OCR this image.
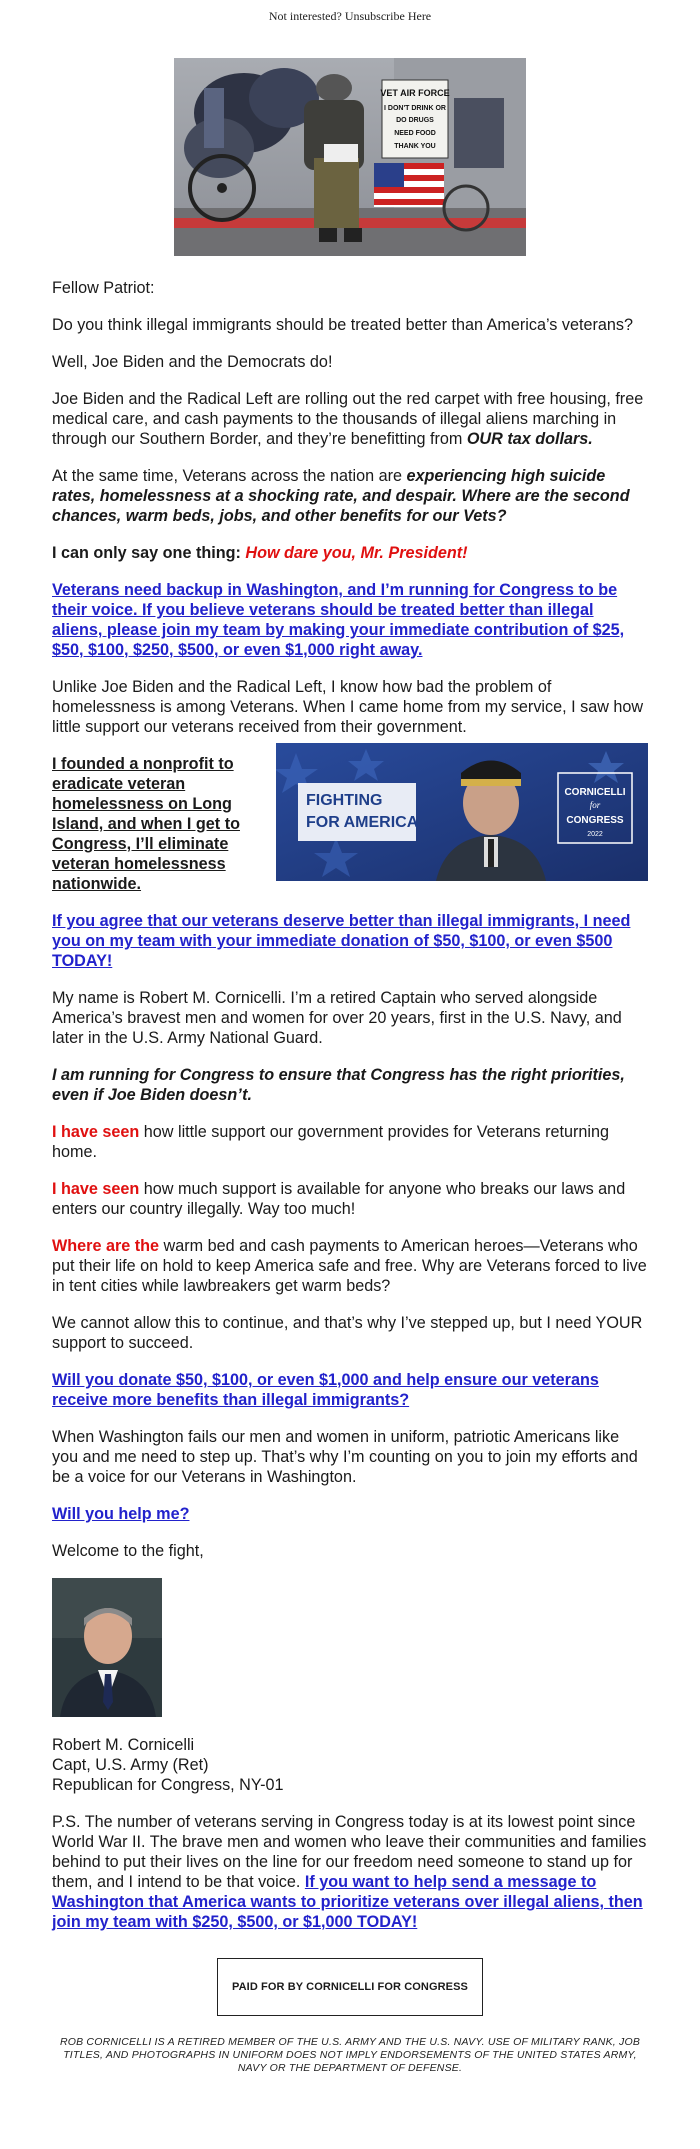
Not interested? Unsubscribe Here
VET AIR FORCE
I DON'T DRINK OR
DO DRUGS
NEED FOOD
THANK YOU

Fellow Patriot:

Do you think illegal immigrants should be treated better than America’s veterans?

Well, Joe Biden and the Democrats do!

Joe Biden and the Radical Left are rolling out the red carpet with free housing, free medical care, and cash payments to the thousands of illegal aliens marching in through our Southern Border, and they’re benefitting from OUR tax dollars.

At the same time, Veterans across the nation are experiencing high suicide rates, homelessness at a shocking rate, and despair. Where are the second chances, warm beds, jobs, and other benefits for our Vets?

I can only say one thing: How dare you, Mr. President!

Veterans need backup in Washington, and I’m running for Congress to be their voice. If you believe veterans should be treated better than illegal aliens, please join my team by making your immediate contribution of $25, $50, $100, $250, $500, or even $1,000 right away.

Unlike Joe Biden and the Radical Left, I know how bad the problem of homelessness is among Veterans. When I came home from my service, I saw how little support our veterans received from their government.

FIGHTING
FOR AMERICA
CORNICELLI
for
CONGRESS
2022

I founded a nonprofit to eradicate veteran homelessness on Long Island, and when I get to Congress, I’ll eliminate veteran homelessness nationwide.

If you agree that our veterans deserve better than illegal immigrants, I need you on my team with your immediate donation of $50, $100, or even $500 TODAY!

My name is Robert M. Cornicelli. I’m a retired Captain who served alongside America’s bravest men and women for over 20 years, first in the U.S. Navy, and later in the U.S. Army National Guard.

I am running for Congress to ensure that Congress has the right priorities, even if Joe Biden doesn’t.

I have seen how little support our government provides for Veterans returning home.

I have seen how much support is available for anyone who breaks our laws and enters our country illegally. Way too much!

Where are the warm bed and cash payments to American heroes—Veterans who put their life on hold to keep America safe and free. Why are Veterans forced to live in tent cities while lawbreakers get warm beds?

We cannot allow this to continue, and that’s why I’ve stepped up, but I need YOUR support to succeed.

Will you donate $50, $100, or even $1,000 and help ensure our veterans receive more benefits than illegal immigrants?

When Washington fails our men and women in uniform, patriotic Americans like you and me need to step up. That’s why I’m counting on you to join my efforts and be a voice for our Veterans in Washington.

Will you help me?

Welcome to the fight,

Robert M. Cornicelli

Capt, U.S. Army (Ret)

Republican for Congress, NY-01

P.S. The number of veterans serving in Congress today is at its lowest point since World War II. The brave men and women who leave their communities and families behind to put their lives on the line for our freedom need someone to stand up for them, and I intend to be that voice. If you want to help send a message to Washington that America wants to prioritize veterans over illegal aliens, then join my team with $250, $500, or $1,000 TODAY!

PAID FOR BY CORNICELLI FOR CONGRESS
ROB CORNICELLI IS A RETIRED MEMBER OF THE U.S. ARMY AND THE U.S. NAVY. USE OF MILITARY RANK, JOB TITLES, AND PHOTOGRAPHS IN UNIFORM DOES NOT IMPLY ENDORSEMENTS OF THE UNITED STATES ARMY, NAVY OR THE DEPARTMENT OF DEFENSE.
